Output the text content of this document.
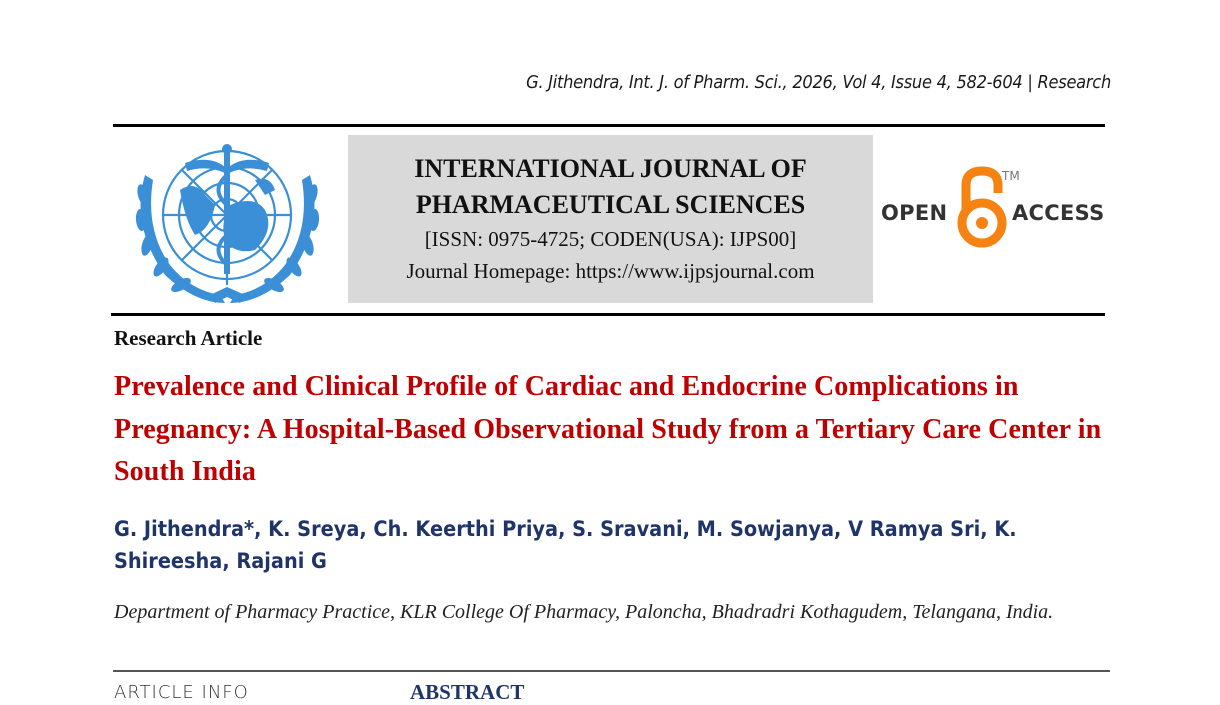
G. Jithendra, Int. J. of Pharm. Sci., 2026, Vol 4, Issue 4, 582-604 | Research
INTERNATIONAL JOURNAL OF
PHARMACEUTICAL SCIENCES
[ISSN: 0975-4725; CODEN(USA): IJPS00]
Journal Homepage: https://www.ijpsjournal.com
OPEN	ACCESS
TM
Research Article
Prevalence and Clinical Profile of Cardiac and Endocrine Complications in Pregnancy: A Hospital-Based Observational Study from a Tertiary Care Center in South India
G. Jithendra*, K. Sreya, Ch. Keerthi Priya, S. Sravani, M. Sowjanya, V Ramya Sri, K. Shireesha, Rajani G
Department of Pharmacy Practice, KLR College Of Pharmacy, Paloncha, Bhadradri Kothagudem, Telangana, India.
ARTICLE INFO	ABSTRACT
